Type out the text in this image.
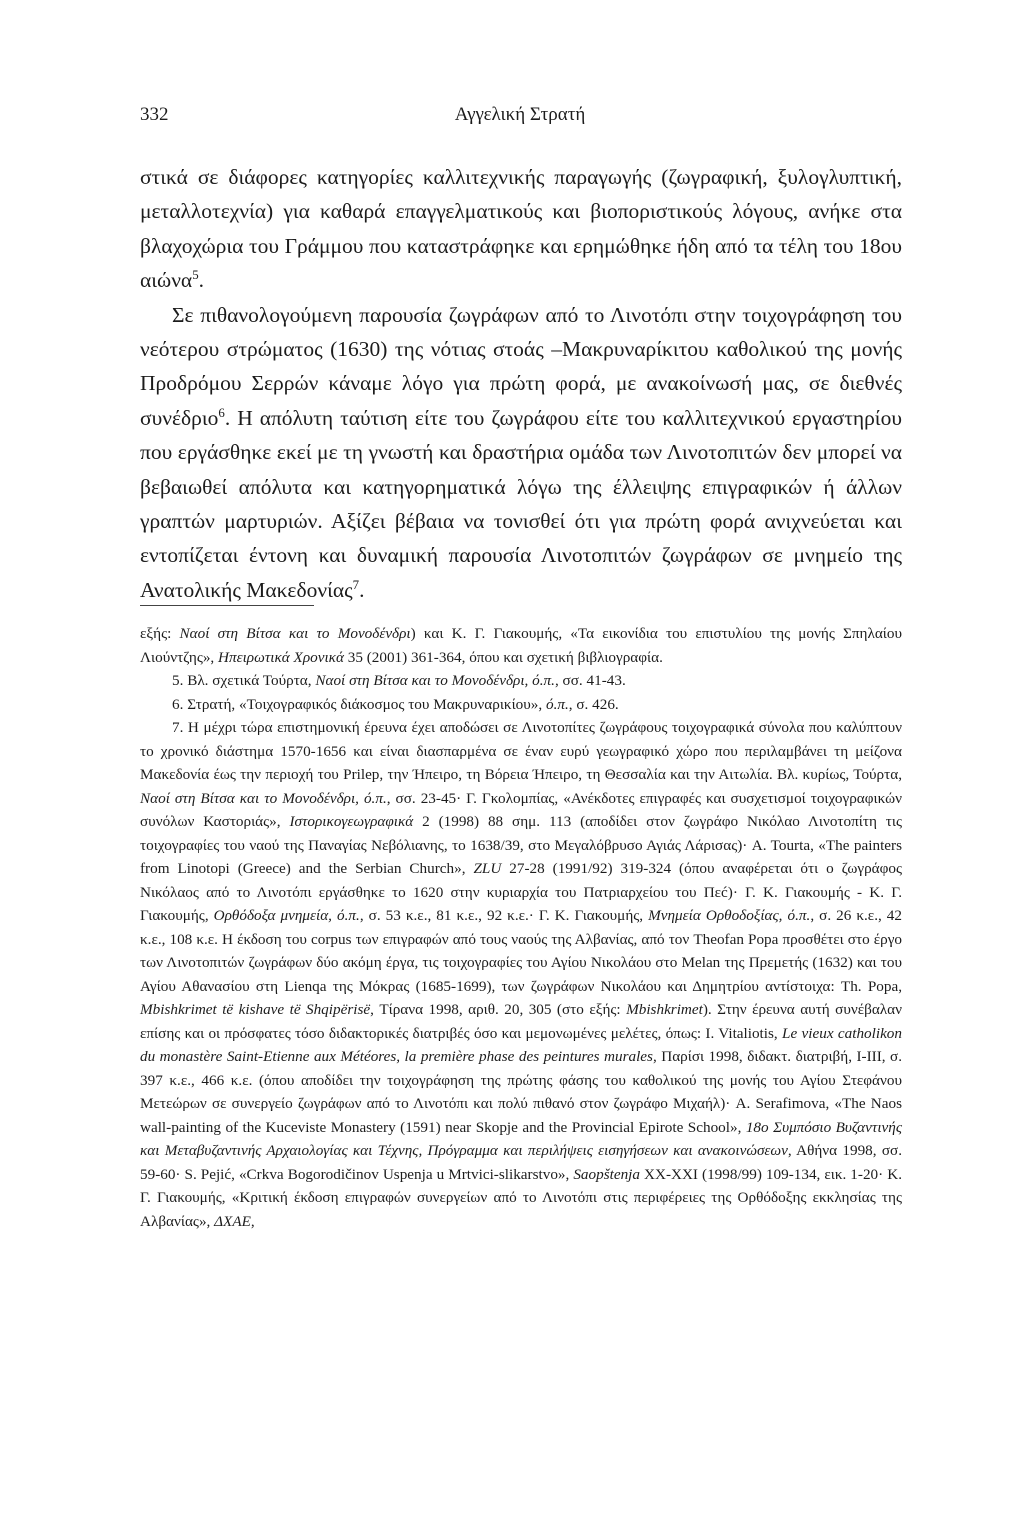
332	Αγγελική Στρατή

στικά σε διάφορες κατηγορίες καλλιτεχνικής παραγωγής (ζωγραφική, ξυλογλυπτική, μεταλλοτεχνία) για καθαρά επαγγελματικούς και βιοποριστικούς λόγους, ανήκε στα βλαχοχώρια του Γράμμου που καταστράφηκε και ερημώθηκε ήδη από τα τέλη του 18ου αιώνα$^5$.

Σε πιθανολογούμενη παρουσία ζωγράφων από το Λινοτόπι στην τοιχογράφηση του νεότερου στρώματος (1630) της νότιας στοάς –Μακρυναρίκιτου καθολικού της μονής Προδρόμου Σερρών κάναμε λόγο για πρώτη φορά, με ανακοίνωσή μας, σε διεθνές συνέδριο$^6$. Η απόλυτη ταύτιση είτε του ζωγράφου είτε του καλλιτεχνικού εργαστηρίου που εργάσθηκε εκεί με τη γνωστή και δραστήρια ομάδα των Λινοτοπιτών δεν μπορεί να βεβαιωθεί απόλυτα και κατηγορηματικά λόγω της έλλειψης επιγραφικών ή άλλων γραπτών μαρτυριών. Αξίζει βέβαια να τονισθεί ότι για πρώτη φορά ανιχνεύεται και εντοπίζεται έντονη και δυναμική παρουσία Λινοτοπιτών ζωγράφων σε μνημείο της Ανατολικής Μακεδονίας$^7$.

εξής: Ναοί στη Βίτσα και το Μονοδένδρι) και Κ. Γ. Γιακουμής, «Τα εικονίδια του επιστυλίου της μονής Σπηλαίου Λιούντζης», Ηπειρωτικά Χρονικά 35 (2001) 361-364, όπου και σχετική βιβλιογραφία.

5. Βλ. σχετικά Τούρτα, Ναοί στη Βίτσα και το Μονοδένδρι, ό.π., σσ. 41-43.

6. Στρατή, «Τοιχογραφικός διάκοσμος του Μακρυναρικίου», ό.π., σ. 426.

7. Η μέχρι τώρα επιστημονική έρευνα έχει αποδώσει σε Λινοτοπίτες ζωγράφους τοιχογραφικά σύνολα που καλύπτουν το χρονικό διάστημα 1570-1656 και είναι διασπαρμένα σε έναν ευρύ γεωγραφικό χώρο που περιλαμβάνει τη μείζονα Μακεδονία έως την περιοχή του Prilep, την Ήπειρο, τη Βόρεια Ήπειρο, τη Θεσσαλία και την Αιτωλία. Βλ. κυρίως, Τούρτα, Ναοί στη Βίτσα και το Μονοδένδρι, ό.π., σσ. 23-45· Γ. Γκολομπίας, «Ανέκδοτες επιγραφές και συσχετισμοί τοιχογραφικών συνόλων Καστοριάς», Ιστορικογεωγραφικά 2 (1998) 88 σημ. 113 (αποδίδει στον ζωγράφο Νικόλαο Λινοτοπίτη τις τοιχογραφίες του ναού της Παναγίας Νεβόλιανης, το 1638/39, στο Μεγαλόβρυσο Αγιάς Λάρισας)· A. Tourta, «The painters from Linotopi (Greece) and the Serbian Church», ZLU 27-28 (1991/92) 319-324 (όπου αναφέρεται ότι ο ζωγράφος Νικόλαος από το Λινοτόπι εργάσθηκε το 1620 στην κυριαρχία του Πατριαρχείου του Πεć)· Γ. Κ. Γιακουμής - Κ. Γ. Γιακουμής, Ορθόδοξα μνημεία, ό.π., σ. 53 κ.ε., 81 κ.ε., 92 κ.ε.· Γ. Κ. Γιακουμής, Μνημεία Ορθοδοξίας, ό.π., σ. 26 κ.ε., 42 κ.ε., 108 κ.ε. Η έκδοση του corpus των επιγραφών από τους ναούς της Αλβανίας, από τον Theofan Popa προσθέτει στο έργο των Λινοτοπιτών ζωγράφων δύο ακόμη έργα, τις τοιχογραφίες του Αγίου Νικολάου στο Melan της Πρεμετής (1632) και του Αγίου Αθανασίου στη Lienqa της Μόκρας (1685-1699), των ζωγράφων Νικολάου και Δημητρίου αντίστοιχα: Th. Popa, Mbishkrimet të kishave të Shqipërisë, Τίρανα 1998, αριθ. 20, 305 (στο εξής: Mbishkrimet). Στην έρευνα αυτή συνέβαλαν επίσης και οι πρόσφατες τόσο διδακτορικές διατριβές όσο και μεμονωμένες μελέτες, όπως: I. Vitaliotis, Le vieux catholikon du monastère Saint-Etienne aux Météores, la première phase des peintures murales, Παρίσι 1998, διδακτ. διατριβή, I-III, σ. 397 κ.ε., 466 κ.ε. (όπου αποδίδει την τοιχογράφηση της πρώτης φάσης του καθολικού της μονής του Αγίου Στεφάνου Μετεώρων σε συνεργείο ζωγράφων από το Λινοτόπι και πολύ πιθανό στον ζωγράφο Μιχαήλ)· A. Serafimova, «The Naos wall-painting of the Kuceviste Monastery (1591) near Skopje and the Provincial Epirote School», 18ο Συμπόσιο Βυζαντινής και Μεταβυζαντινής Αρχαιολογίας και Τέχνης, Πρόγραμμα και περιλήψεις εισηγήσεων και ανακοινώσεων, Αθήνα 1998, σσ. 59-60· S. Pejić, «Crkva Bogorodičinov Uspenja u Mrtvici-slikarstvo», Saopštenja XX-XXI (1998/99) 109-134, εικ. 1-20· Κ. Γ. Γιακουμής, «Κριτική έκδοση επιγραφών συνεργείων από το Λινοτόπι στις περιφέρειες της Ορθόδοξης εκκλησίας της Αλβανίας», ΔΧΑΕ,
